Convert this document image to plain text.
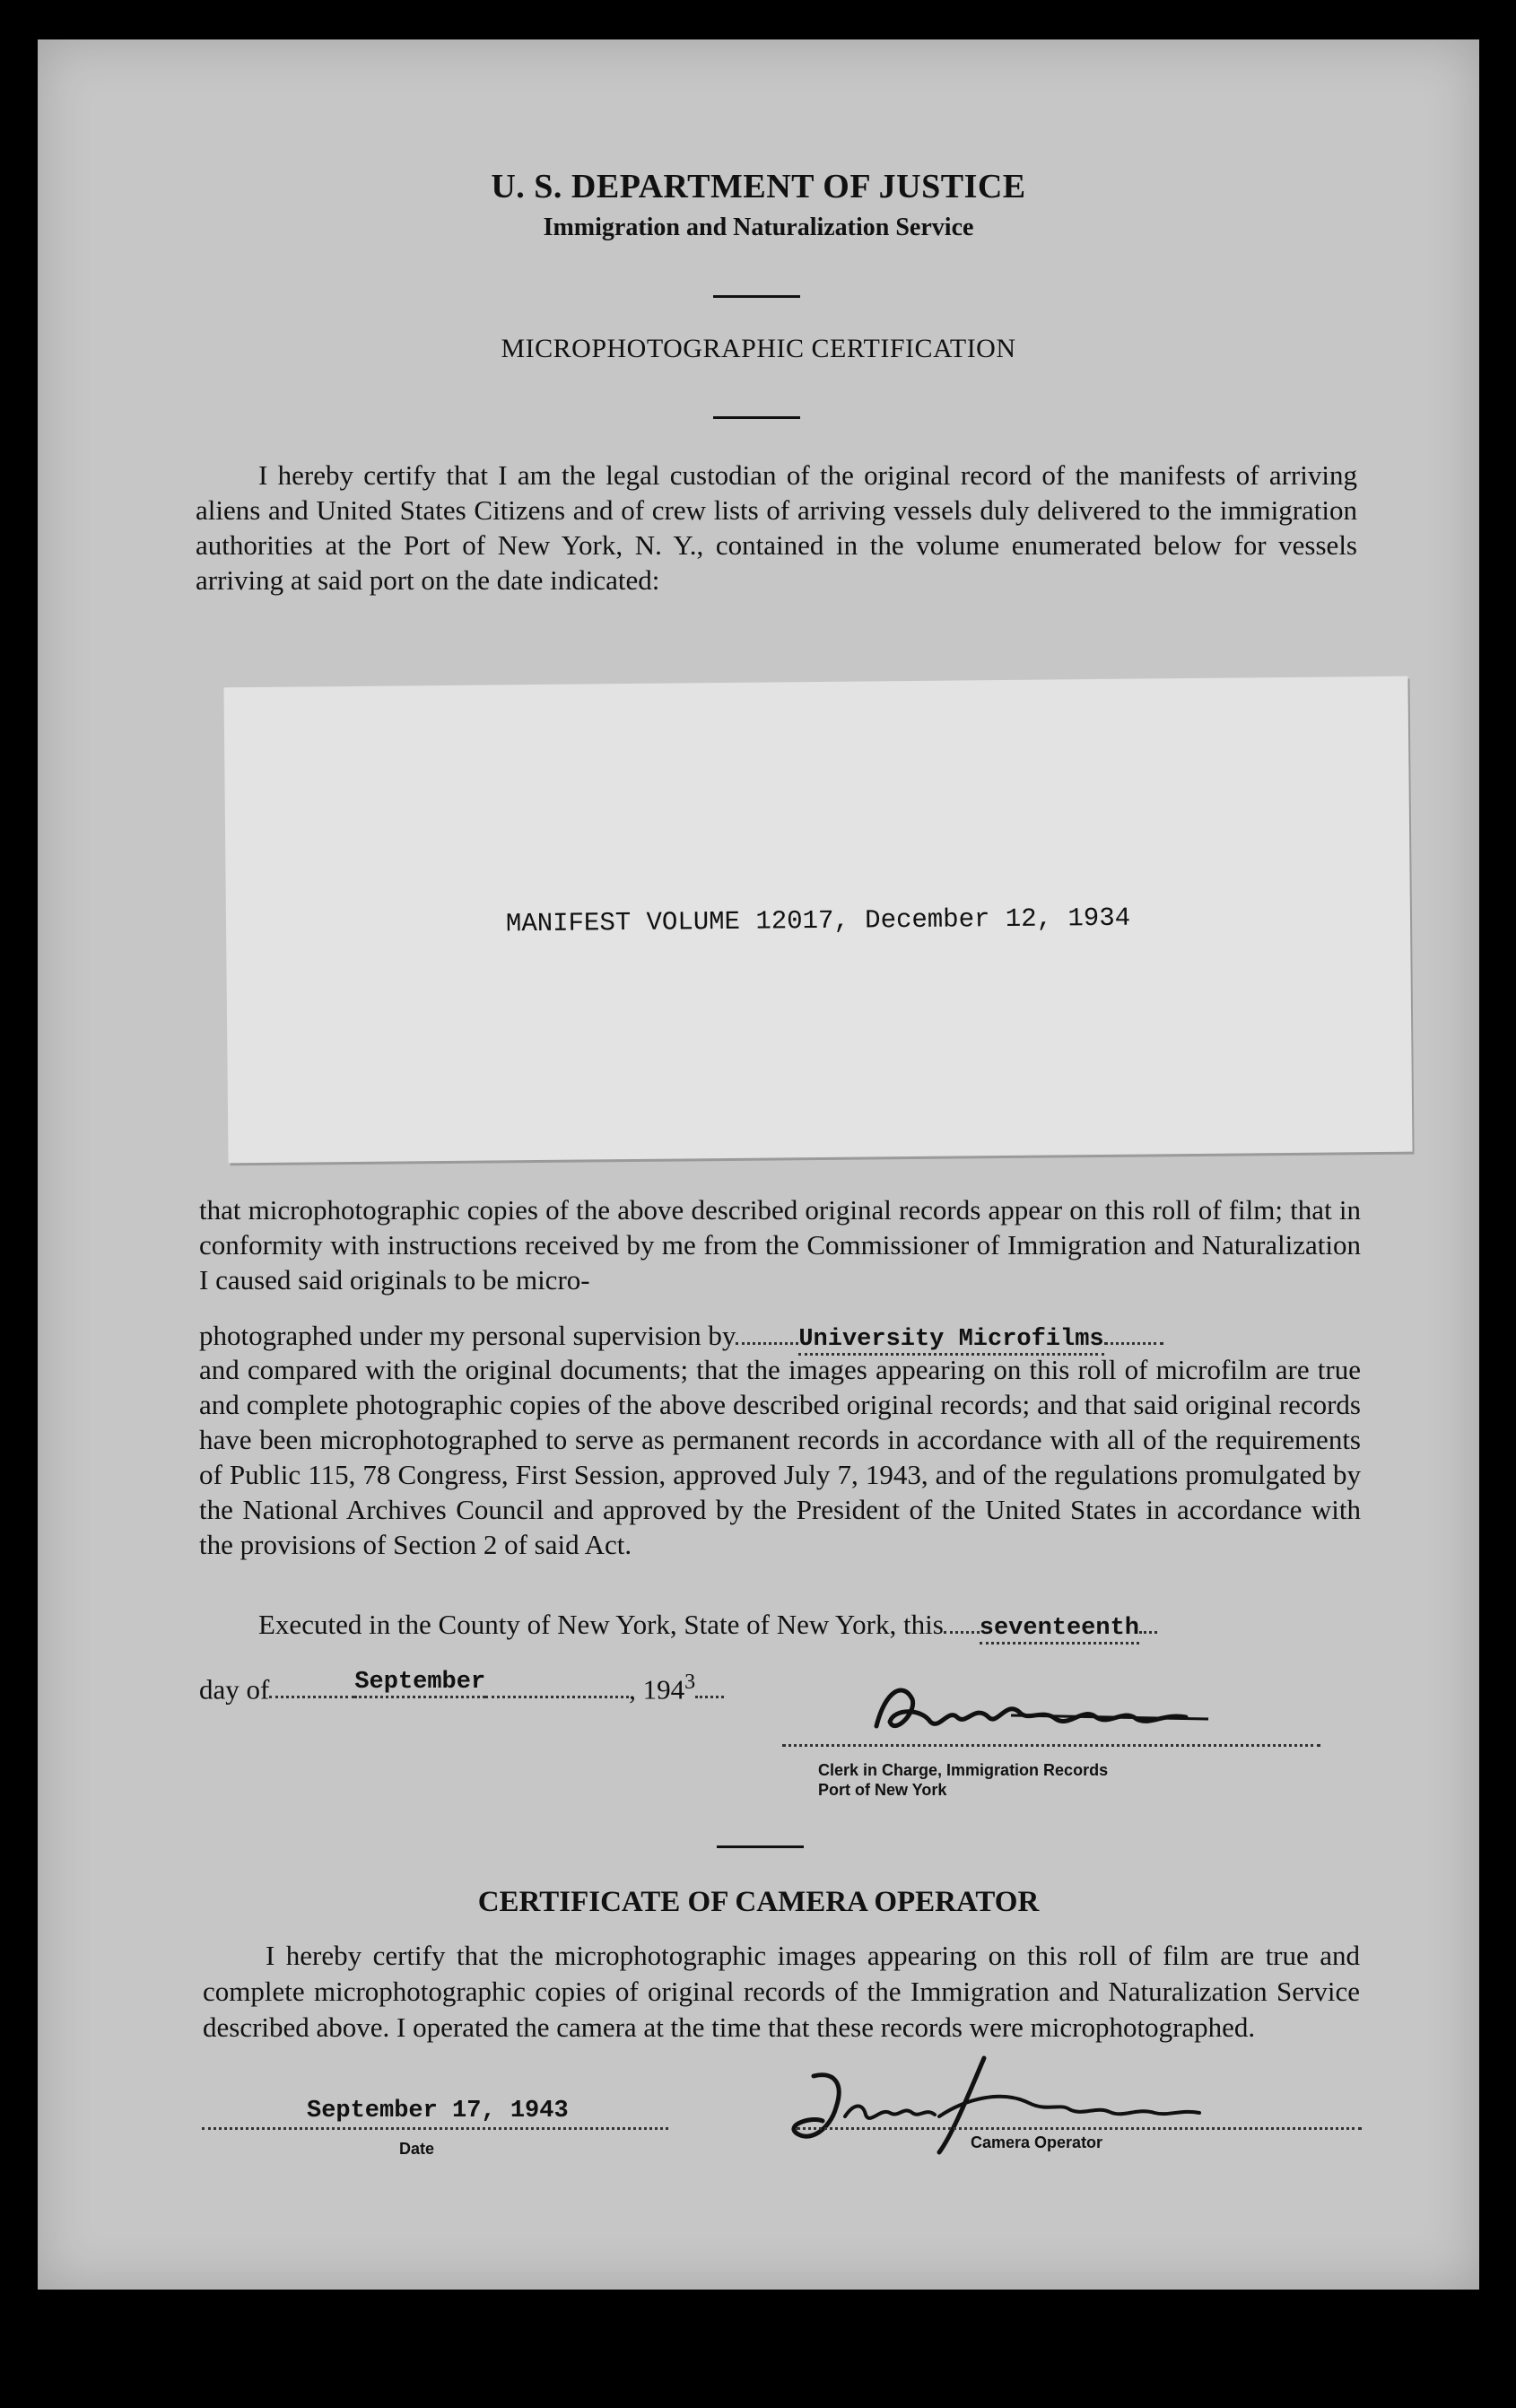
U. S. DEPARTMENT OF JUSTICE
Immigration and Naturalization Service
MICROPHOTOGRAPHIC CERTIFICATION
I hereby certify that I am the legal custodian of the original record of the manifests of arriving aliens and United States Citizens and of crew lists of arriving vessels duly delivered to the immigration authorities at the Port of New York, N. Y., contained in the volume enumerated below for vessels arriving at said port on the date indicated:
MANIFEST VOLUME 12017, December 12, 1934
that microphotographic copies of the above described original records appear on this roll of film; that in conformity with instructions received by me from the Commissioner of Immigration and Naturalization I caused said originals to be micro-
photographed under my personal supervision by	University Microfilms
and compared with the original documents; that the images appearing on this roll of microfilm are true and complete photographic copies of the above described original records; and that said original records have been microphotographed to serve as permanent records in accordance with all of the requirements of Public 115, 78 Congress, First Session, approved July 7, 1943, and of the regulations promulgated by the National Archives Council and approved by the President of the United States in accordance with the provisions of Section 2 of said Act.
Executed in the County of New York, State of New York, this seventeenth
day of	September	, $194^3$
Clerk in Charge, Immigration Records
Port of New York
CERTIFICATE OF CAMERA OPERATOR
I hereby certify that the microphotographic images appearing on this roll of film are true and complete microphotographic copies of original records of the Immigration and Naturalization Service described above. I operated the camera at the time that these records were microphotographed.
September 17, 1943
Date	Camera Operator
